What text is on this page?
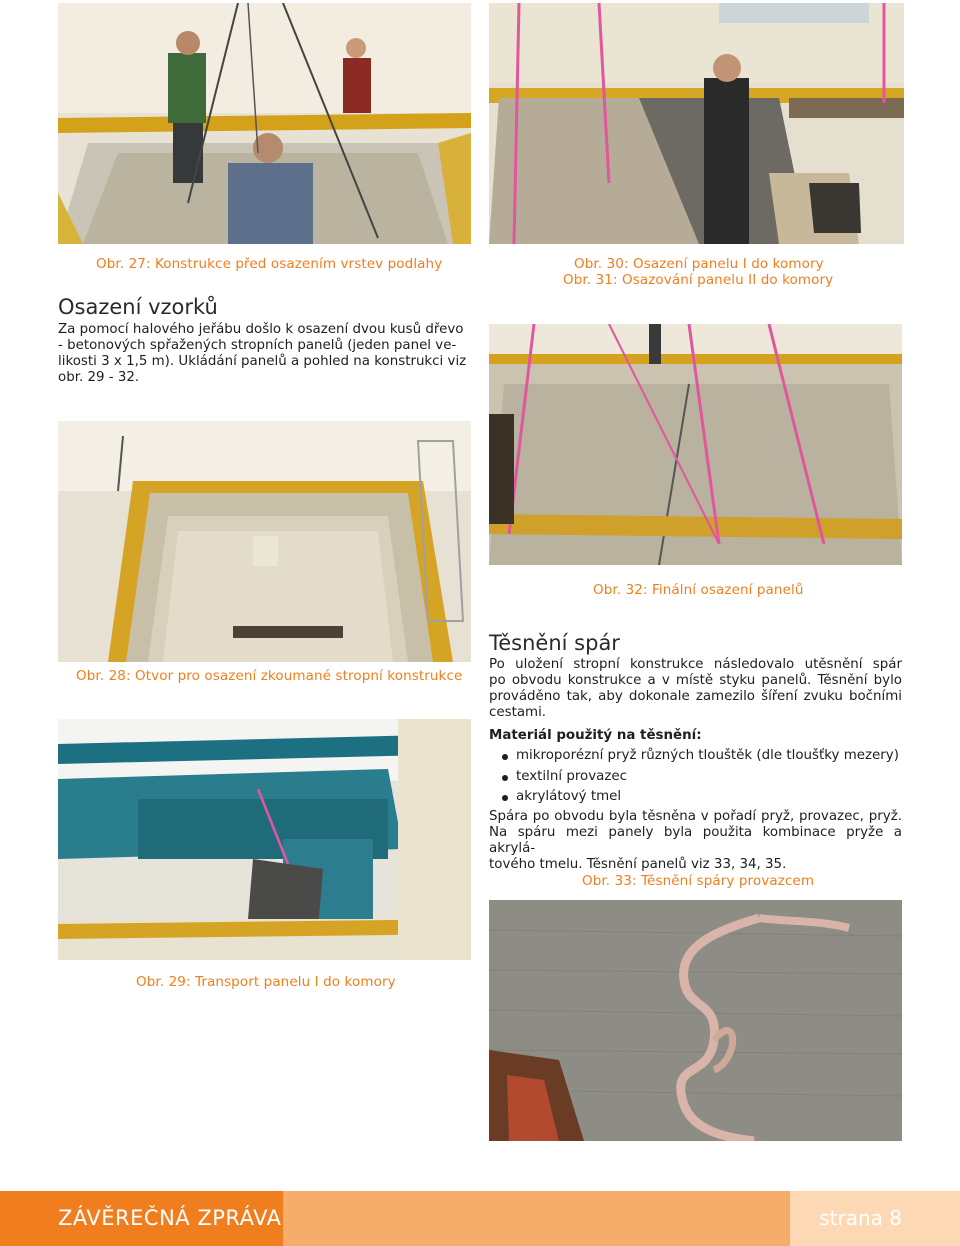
Obr. 27: Konstrukce před osazením vrstev podlahy	Obr. 30: Osazení panelu I do komory
Obr. 31: Osazování panelu II do komory
Obr. 32: Finální osazení panelů
Obr. 28: Otvor pro osazení zkoumané stropní konstrukce
Obr. 29: Transport panelu I do komory
Obr. 33: Těsnění spáry provazcem
Osazení vzorků
Za pomocí halového jeřábu došlo k osazení dvou kusů dřevo
- betonových spřažených stropních panelů (jeden panel ve-
likosti 3 x 1,5 m). Ukládání panelů a pohled na konstrukci viz
obr. 29 - 32.
Těsnění spár
Po uložení stropní konstrukce následovalo utěsnění spár
po obvodu konstrukce a v místě styku panelů. Těsnění bylo
prováděno tak, aby dokonale zamezilo šíření zvuku bočními
cestami.
Materiál použitý na těsnění:
mikroporézní pryž různých tlouštěk (dle tloušťky mezery)
textilní provazec
akrylátový tmel
Spára po obvodu byla těsněna v pořadí pryž, provazec, pryž.
Na spáru mezi panely byla použita kombinace pryže a akrylá-
tového tmelu. Těsnění panelů viz 33, 34, 35.
ZÁVĚREČNÁ ZPRÁVA	strana 8
